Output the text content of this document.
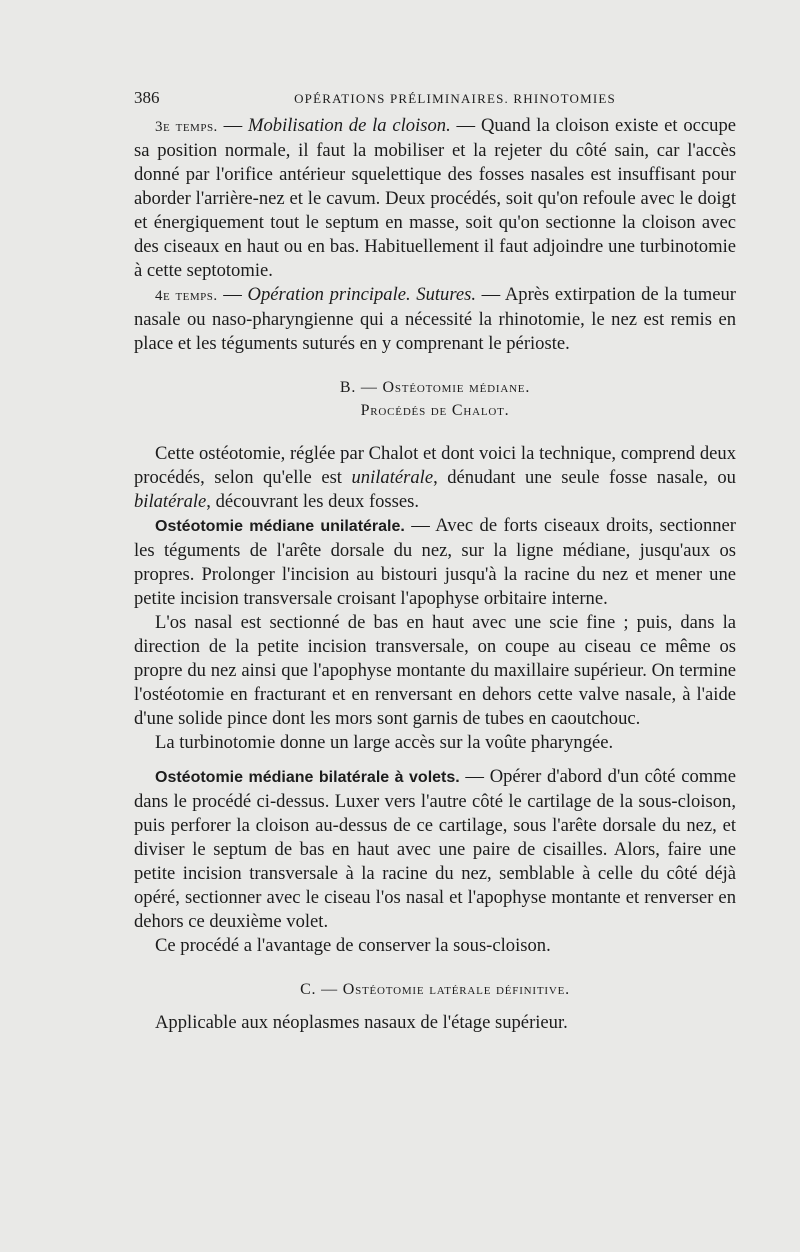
386	OPÉRATIONS PRÉLIMINAIRES. RHINOTOMIES

3e temps. — Mobilisation de la cloison. — Quand la cloison existe et occupe sa position normale, il faut la mobiliser et la rejeter du côté sain, car l'accès donné par l'orifice antérieur squelettique des fosses nasales est insuffisant pour aborder l'arrière-nez et le cavum. Deux procédés, soit qu'on refoule avec le doigt et énergiquement tout le septum en masse, soit qu'on sectionne la cloison avec des ciseaux en haut ou en bas. Habituellement il faut adjoindre une turbinotomie à cette septotomie.

4e temps. — Opération principale. Sutures. — Après extirpation de la tumeur nasale ou naso-pharyngienne qui a nécessité la rhinotomie, le nez est remis en place et les téguments suturés en y comprenant le périoste.

B. — Ostéotomie médiane.
Procédés de Chalot.

Cette ostéotomie, réglée par Chalot et dont voici la technique, comprend deux procédés, selon qu'elle est unilatérale, dénudant une seule fosse nasale, ou bilatérale, découvrant les deux fosses.

Ostéotomie médiane unilatérale. — Avec de forts ciseaux droits, sectionner les téguments de l'arête dorsale du nez, sur la ligne médiane, jusqu'aux os propres. Prolonger l'incision au bistouri jusqu'à la racine du nez et mener une petite incision transversale croisant l'apophyse orbitaire interne.

L'os nasal est sectionné de bas en haut avec une scie fine ; puis, dans la direction de la petite incision transversale, on coupe au ciseau ce même os propre du nez ainsi que l'apophyse montante du maxillaire supérieur. On termine l'ostéotomie en fracturant et en renversant en dehors cette valve nasale, à l'aide d'une solide pince dont les mors sont garnis de tubes en caoutchouc.

La turbinotomie donne un large accès sur la voûte pharyngée.

Ostéotomie médiane bilatérale à volets. — Opérer d'abord d'un côté comme dans le procédé ci-dessus. Luxer vers l'autre côté le cartilage de la sous-cloison, puis perforer la cloison au-dessus de ce cartilage, sous l'arête dorsale du nez, et diviser le septum de bas en haut avec une paire de cisailles. Alors, faire une petite incision transversale à la racine du nez, semblable à celle du côté déjà opéré, sectionner avec le ciseau l'os nasal et l'apophyse montante et renverser en dehors ce deuxième volet.

Ce procédé a l'avantage de conserver la sous-cloison.

C. — Ostéotomie latérale définitive.

Applicable aux néoplasmes nasaux de l'étage supérieur.
